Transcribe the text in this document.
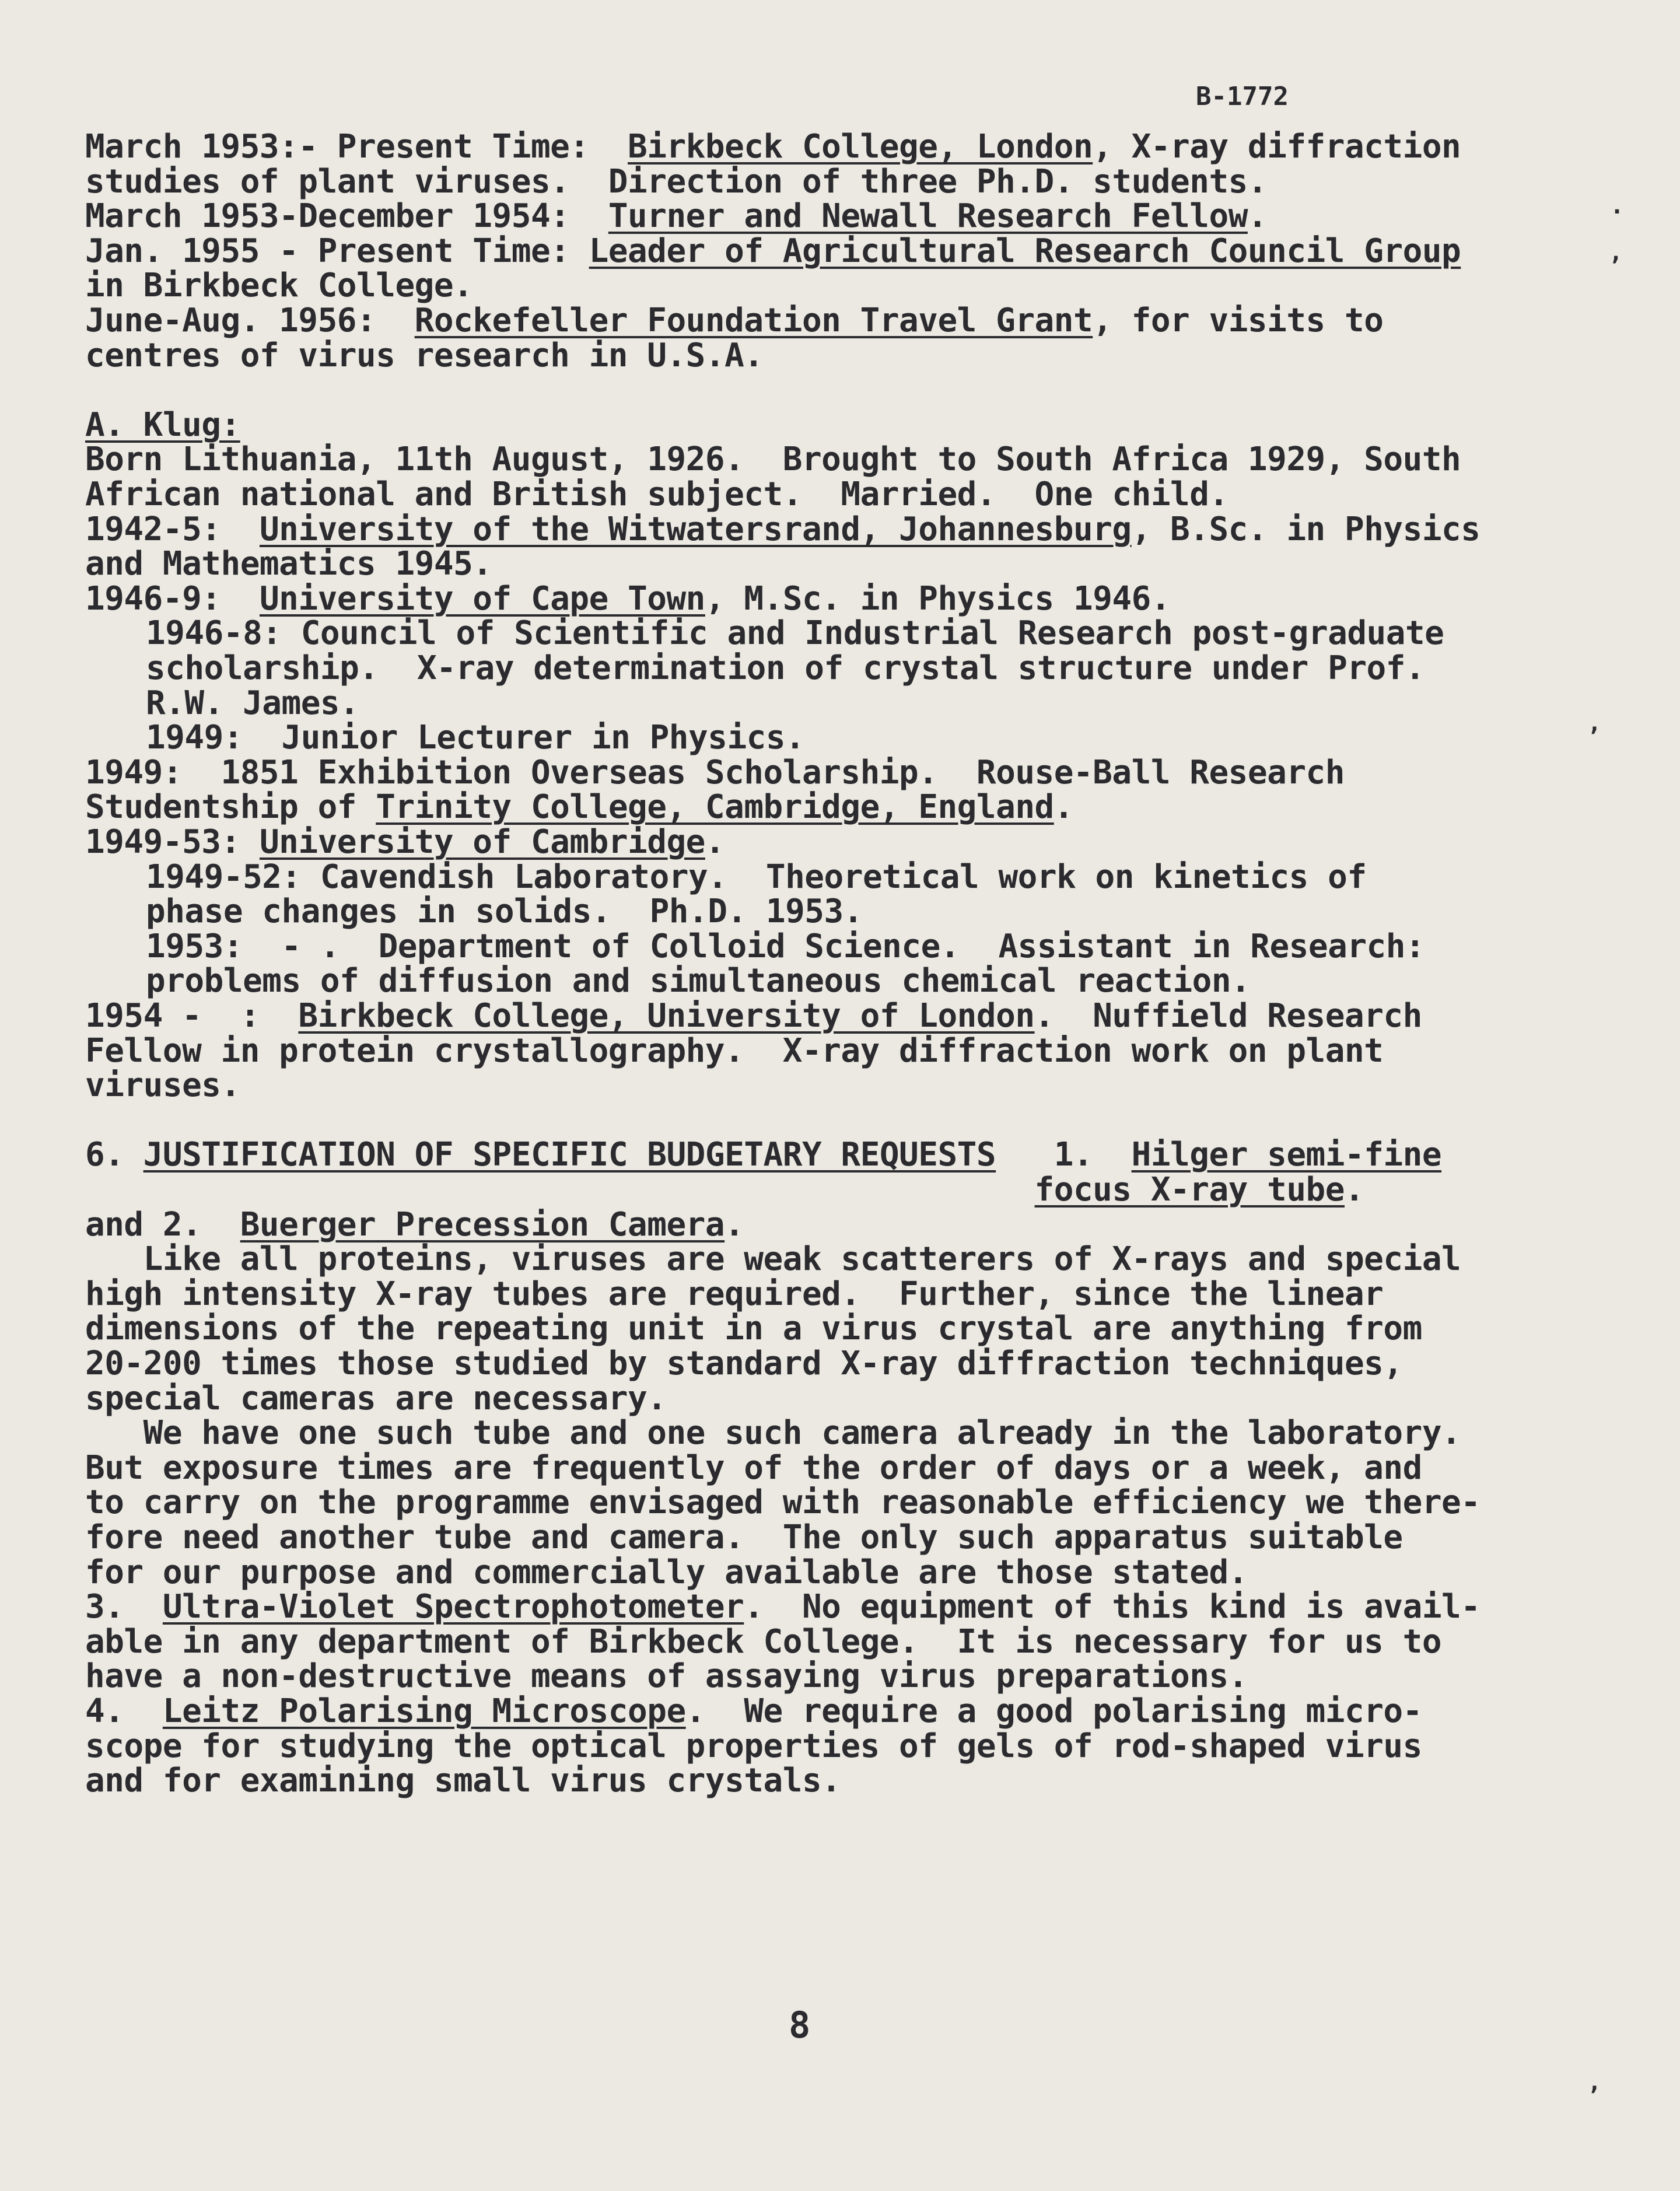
B-1772
March 1953:- Present Time:  Birkbeck College, London, X-ray diffraction
studies of plant viruses.  Direction of three Ph.D. students.
March 1953-December 1954:  Turner and Newall Research Fellow.
Jan. 1955 - Present Time: Leader of Agricultural Research Council Group
in Birkbeck College.
June-Aug. 1956:  Rockefeller Foundation Travel Grant, for visits to
centres of virus research in U.S.A.
A. Klug:
Born Lithuania, 11th August, 1926.  Brought to South Africa 1929, South
African national and British subject.  Married.  One child.
1942-5:  University of the Witwatersrand, Johannesburg, B.Sc. in Physics
and Mathematics 1945.
1946-9:  University of Cape Town, M.Sc. in Physics 1946.
1946-8: Council of Scientific and Industrial Research post-graduate
scholarship.  X-ray determination of crystal structure under Prof.
R.W. James.
1949:  Junior Lecturer in Physics.
1949:  1851 Exhibition Overseas Scholarship.  Rouse-Ball Research
Studentship of Trinity College, Cambridge, England.
1949-53: University of Cambridge.
1949-52: Cavendish Laboratory.  Theoretical work on kinetics of
phase changes in solids.  Ph.D. 1953.
1953:  - .  Department of Colloid Science.  Assistant in Research:
problems of diffusion and simultaneous chemical reaction.
1954 -  :  Birkbeck College, University of London.  Nuffield Research
Fellow in protein crystallography.  X-ray diffraction work on plant
viruses.
6. JUSTIFICATION OF SPECIFIC BUDGETARY REQUESTS   1.  Hilger semi-fine
focus X-ray tube.
and 2.  Buerger Precession Camera.
Like all proteins, viruses are weak scatterers of X-rays and special
high intensity X-ray tubes are required.  Further, since the linear
dimensions of the repeating unit in a virus crystal are anything from
20-200 times those studied by standard X-ray diffraction techniques,
special cameras are necessary.
We have one such tube and one such camera already in the laboratory.
But exposure times are frequently of the order of days or a week, and
to carry on the programme envisaged with reasonable efficiency we there-
fore need another tube and camera.  The only such apparatus suitable
for our purpose and commercially available are those stated.
3.  Ultra-Violet Spectrophotometer.  No equipment of this kind is avail-
able in any department of Birkbeck College.  It is necessary for us to
have a non-destructive means of assaying virus preparations.
4.  Leitz Polarising Microscope.  We require a good polarising micro-
scope for studying the optical properties of gels of rod-shaped virus
and for examining small virus crystals.
.
,
’
’
8
